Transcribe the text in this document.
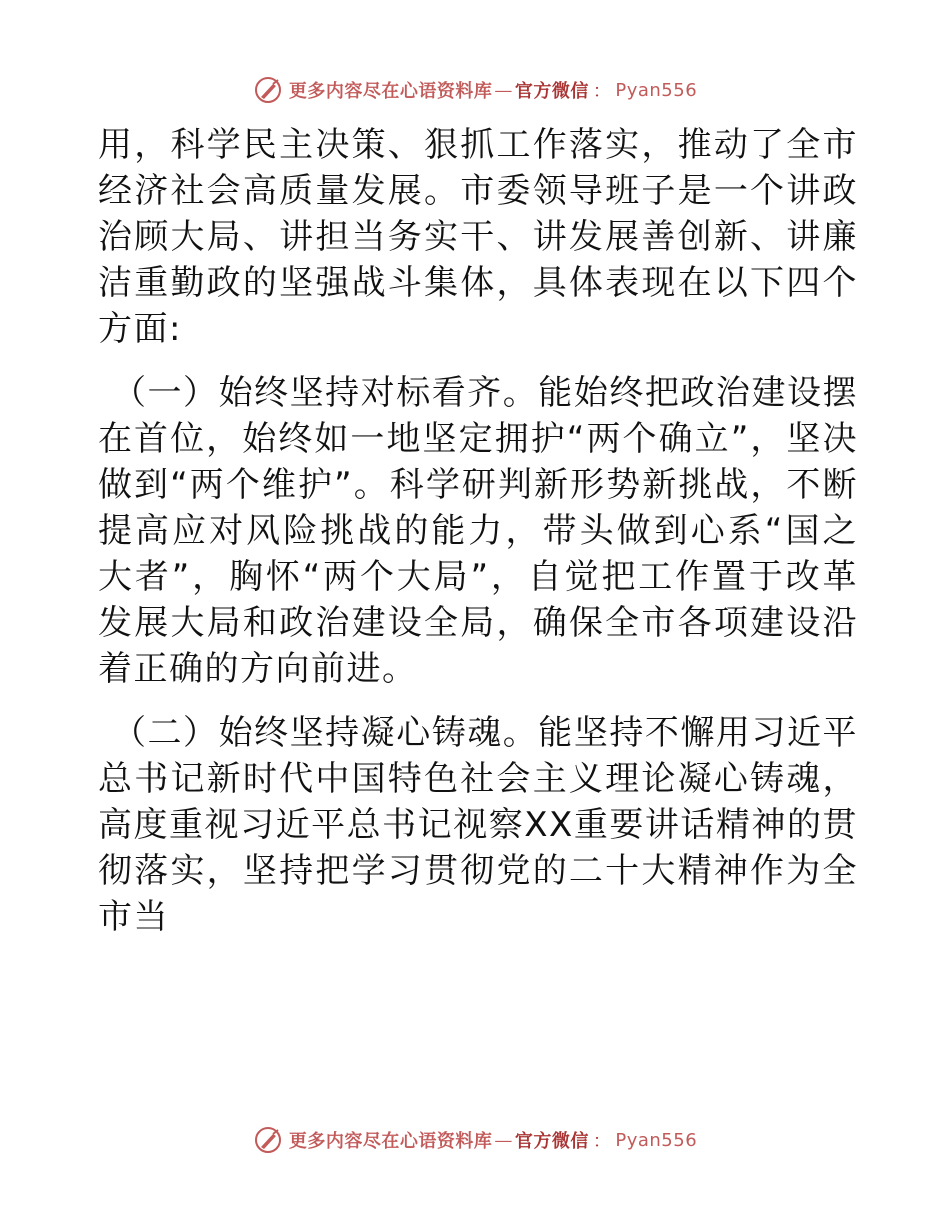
更多内容尽在心语资料库 — 官方微信 ： Pyan556

用，科学民主决策、狠抓工作落实，推动了全市经济社会高质量发展。市委领导班子是一个讲政治顾大局、讲担当务实干、讲发展善创新、讲廉洁重勤政的坚强战斗集体，具体表现在以下四个方面:

（一）始终坚持对标看齐。能始终把政治建设摆在首位，始终如一地坚定拥护“两个确立”，坚决做到“两个维护”。科学研判新形势新挑战，不断提高应对风险挑战的能力，带头做到心系“国之大者”，胸怀“两个大局”，自觉把工作置于改革发展大局和政治建设全局，确保全市各项建设沿着正确的方向前进。

（二）始终坚持凝心铸魂。能坚持不懈用习近平总书记新时代中国特色社会主义理论凝心铸魂，高度重视习近平总书记视察XX重要讲话精神的贯彻落实，坚持把学习贯彻党的二十大精神作为全市当

更多内容尽在心语资料库 — 官方微信 ： Pyan556
